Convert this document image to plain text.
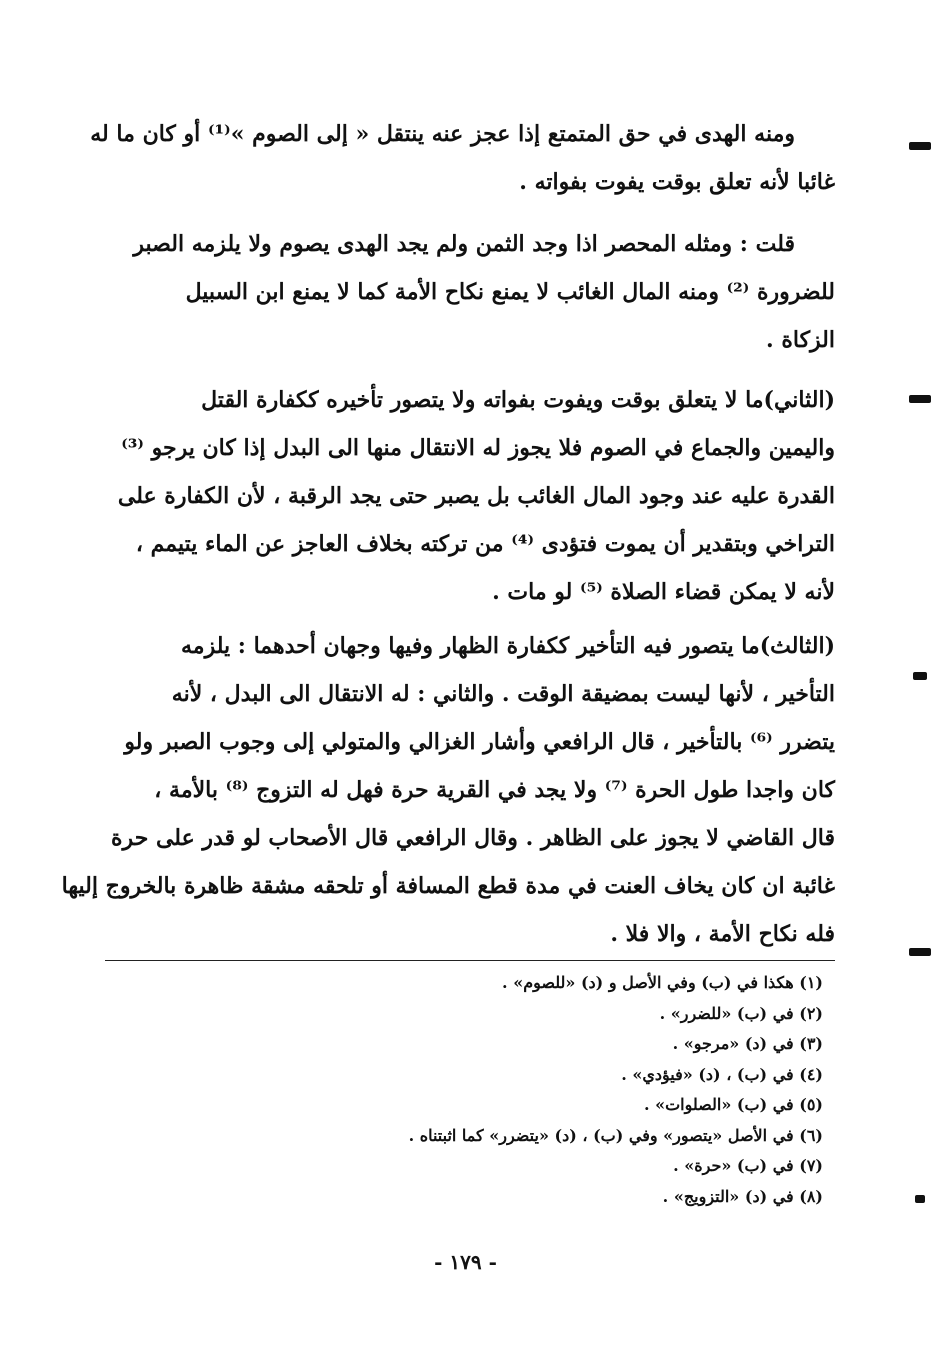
ومنه الهدى في حق المتمتع إذا عجز عنه ينتقل « إلى الصوم »⁽¹⁾ أو كان ما له
غائبا لأنه تعلق بوقت يفوت بفواته .
قلت : ومثله المحصر اذا وجد الثمن ولم يجد الهدى يصوم ولا يلزمه الصبر
للضرورة ⁽²⁾ ومنه المال الغائب لا يمنع نكاح الأمة كما لا يمنع ابن السبيل
الزكاة .
(الثاني)ما لا يتعلق بوقت ويفوت بفواته ولا يتصور تأخيره ككفارة القتل
واليمين والجماع في الصوم فلا يجوز له الانتقال منها الى البدل إذا كان يرجو ⁽³⁾
القدرة عليه عند وجود المال الغائب بل يصبر حتى يجد الرقبة ، لأن الكفارة على
التراخي وبتقدير أن يموت فتؤدى ⁽⁴⁾ من تركته بخلاف العاجز عن الماء يتيمم ،
لأنه لا يمكن قضاء الصلاة ⁽⁵⁾ لو مات .
(الثالث)ما يتصور فيه التأخير ككفارة الظهار وفيها وجهان أحدهما : يلزمه
التأخير ، لأنها ليست بمضيقة الوقت . والثاني : له الانتقال الى البدل ، لأنه
يتضرر ⁽⁶⁾ بالتأخير ، قال الرافعي وأشار الغزالي والمتولي إلى وجوب الصبر ولو
كان واجدا طول الحرة ⁽⁷⁾ ولا يجد في القرية حرة فهل له التزوج ⁽⁸⁾ بالأمة ،
قال القاضي لا يجوز على الظاهر . وقال الرافعي قال الأصحاب لو قدر على حرة
غائبة ان كان يخاف العنت في مدة قطع المسافة أو تلحقه مشقة ظاهرة بالخروج إليها
فله نكاح الأمة ، والا فلا .
(١) هكذا في (ب) وفي الأصل و (د) «للصوم» .
(٢) في (ب) «للضرر» .
(٣) في (د) «مرجو» .
(٤) في (ب) ، (د) «فيؤدي» .
(٥) في (ب) «الصلوات» .
(٦) في الأصل «يتصور» وفي (ب) ، (د) «يتضرر» كما اثبتناه .
(٧) في (ب) «حرة» .
(٨) في (د) «التزويج» .
- ١٧٩ -
